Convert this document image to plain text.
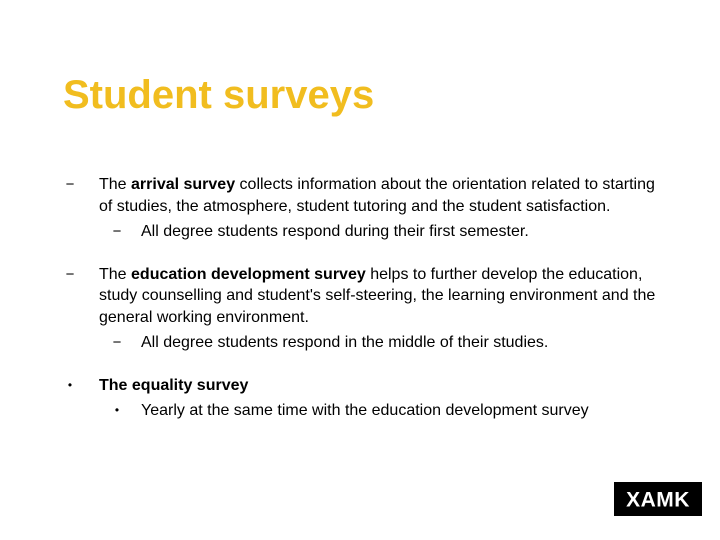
Student surveys
−	The arrival survey collects information about the orientation related to starting of studies, the atmosphere, student tutoring and the student satisfaction.
−	All degree students respond during their first semester.
−	The education development survey helps to further develop the education, study counselling and student's self-steering, the learning environment and the general working environment.
−	All degree students respond in the middle of their studies.
•	The equality survey
•	Yearly at the same time with the education development survey
XAMK
